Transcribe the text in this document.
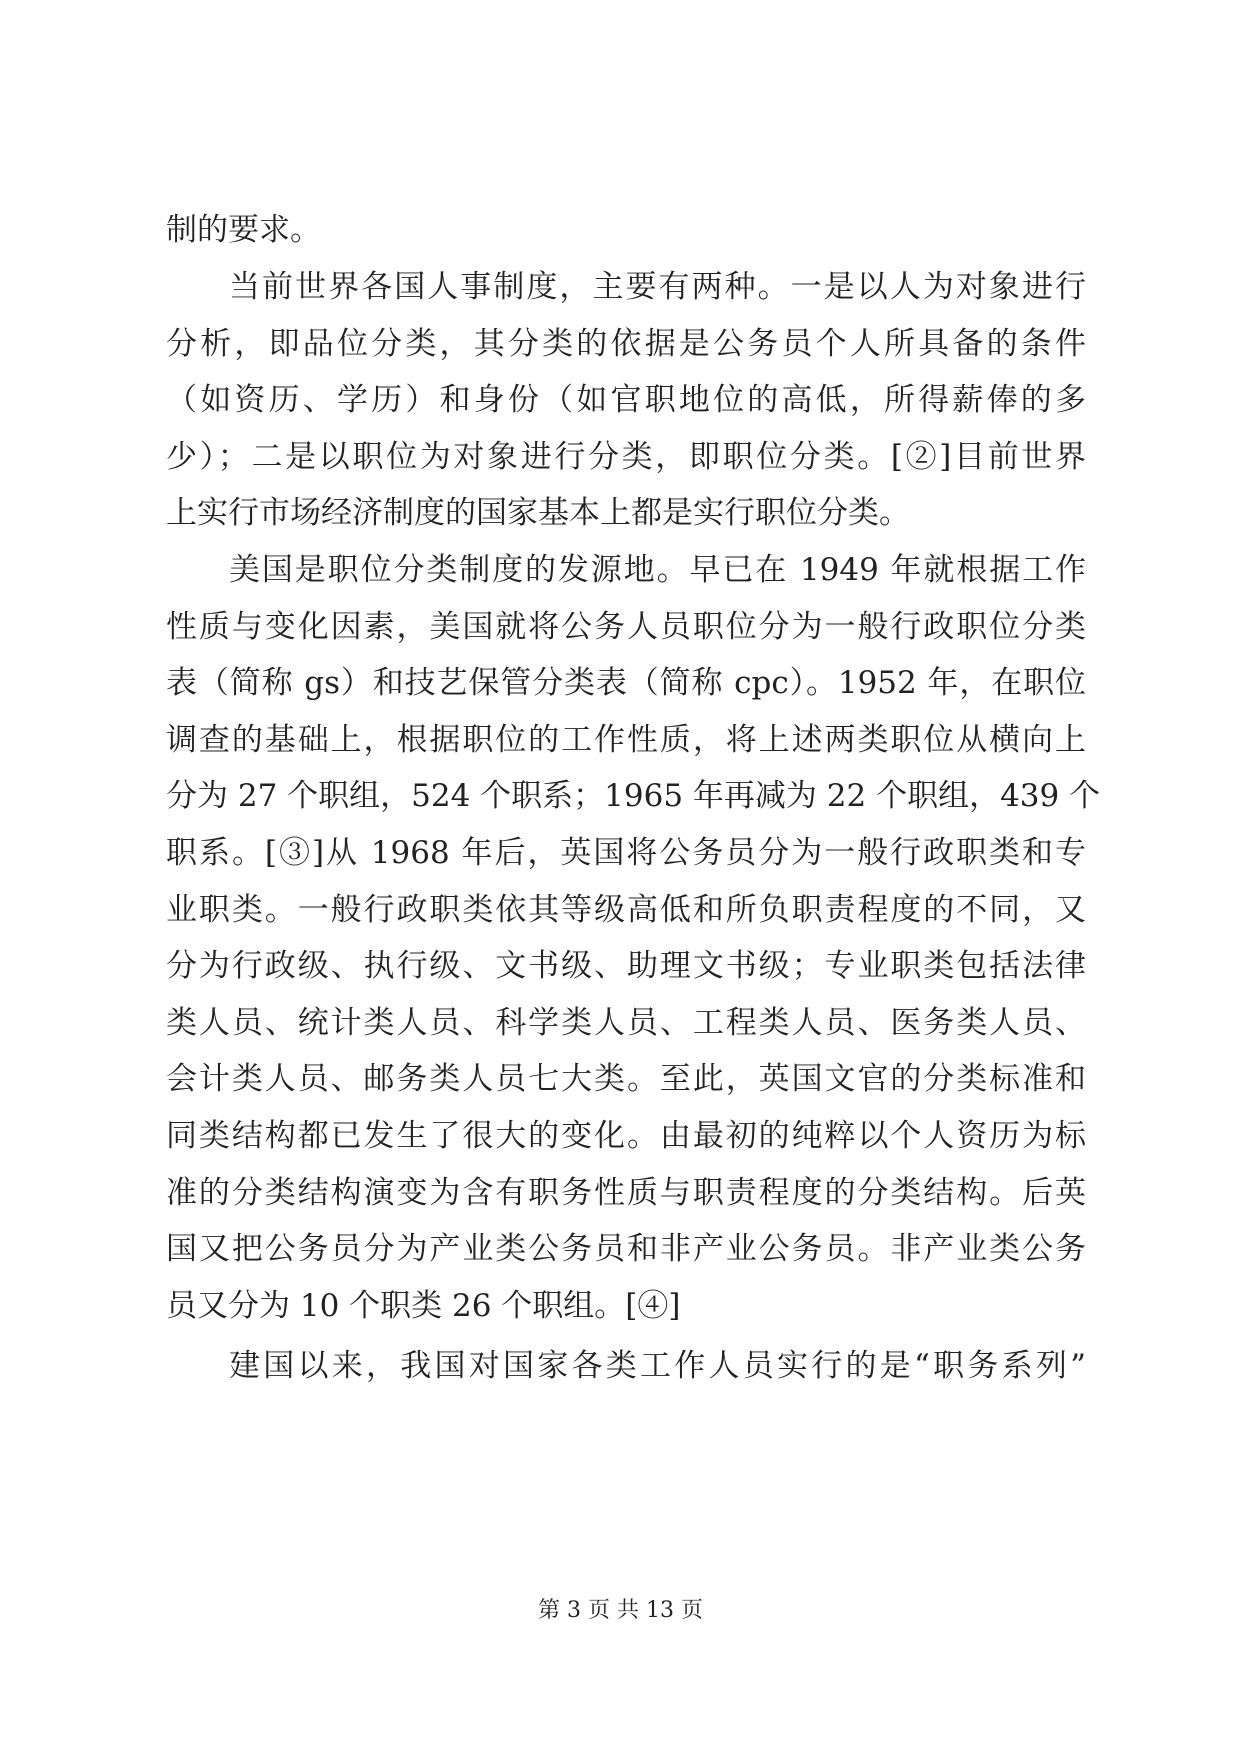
制的要求。
当前世界各国人事制度，主要有两种。一是以人为对象进行
分析，即品位分类，其分类的依据是公务员个人所具备的条件
（如资历、学历）和身份（如官职地位的高低，所得薪俸的多
少）；二是以职位为对象进行分类，即职位分类。[②]目前世界
上实行市场经济制度的国家基本上都是实行职位分类。
美国是职位分类制度的发源地。早已在 1949 年就根据工作
性质与变化因素，美国就将公务人员职位分为一般行政职位分类
表（简称 gs）和技艺保管分类表（简称 cpc）。1952 年，在职位
调查的基础上，根据职位的工作性质，将上述两类职位从横向上
分为 27 个职组，524 个职系；1965 年再减为 22 个职组，439 个
职系。[③]从 1968 年后，英国将公务员分为一般行政职类和专
业职类。一般行政职类依其等级高低和所负职责程度的不同，又
分为行政级、执行级、文书级、助理文书级；专业职类包括法律
类人员、统计类人员、科学类人员、工程类人员、医务类人员、
会计类人员、邮务类人员七大类。至此，英国文官的分类标准和
同类结构都已发生了很大的变化。由最初的纯粹以个人资历为标
准的分类结构演变为含有职务性质与职责程度的分类结构。后英
国又把公务员分为产业类公务员和非产业公务员。非产业类公务
员又分为 10 个职类 26 个职组。[④]
建国以来，我国对国家各类工作人员实行的是“职务系列”
第 3 页 共 13 页
